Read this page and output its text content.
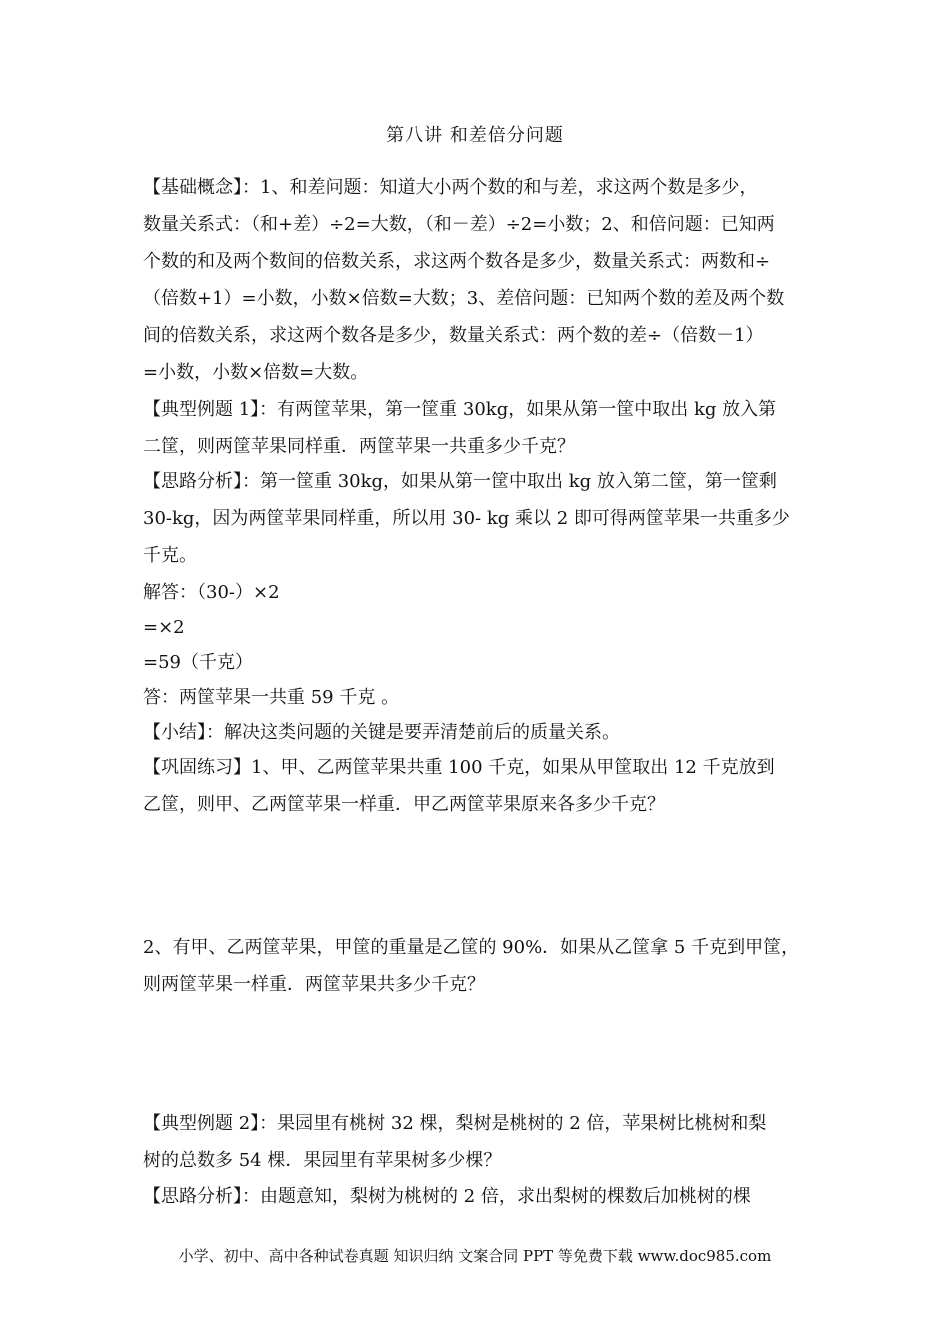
第八讲 和差倍分问题
【基础概念】：1、和差问题：知道大小两个数的和与差，求这两个数是多少，
数量关系式：（和+差）÷2=大数，（和－差）÷2=小数；2、和倍问题：已知两
个数的和及两个数间的倍数关系，求这两个数各是多少，数量关系式：两数和÷
（倍数+1）=小数，小数×倍数=大数；3、差倍问题：已知两个数的差及两个数
间的倍数关系，求这两个数各是多少，数量关系式：两个数的差÷（倍数－1）
=小数，小数×倍数=大数。
【典型例题 1】：有两筐苹果，第一筐重 30kg，如果从第一筐中取出 kg 放入第
二筐，则两筐苹果同样重．两筐苹果一共重多少千克？
【思路分析】：第一筐重 30kg，如果从第一筐中取出 kg 放入第二筐，第一筐剩
30-kg，因为两筐苹果同样重，所以用 30- kg 乘以 2 即可得两筐苹果一共重多少
千克。
解答：（30-）×2
=×2
=59（千克）
答：两筐苹果一共重 59 千克 。
【小结】：解决这类问题的关键是要弄清楚前后的质量关系。
【巩固练习】1、甲、乙两筐苹果共重 100 千克，如果从甲筐取出 12 千克放到
乙筐，则甲、乙两筐苹果一样重．甲乙两筐苹果原来各多少千克？
2、有甲、乙两筐苹果，甲筐的重量是乙筐的 90%．如果从乙筐拿 5 千克到甲筐，
则两筐苹果一样重．两筐苹果共多少千克？
【典型例题 2】：果园里有桃树 32 棵，梨树是桃树的 2 倍，苹果树比桃树和梨
树的总数多 54 棵．果园里有苹果树多少棵？
【思路分析】：由题意知，梨树为桃树的 2 倍，求出梨树的棵数后加桃树的棵
小学、初中、高中各种试卷真题 知识归纳 文案合同 PPT 等免费下载 www.doc985.com
